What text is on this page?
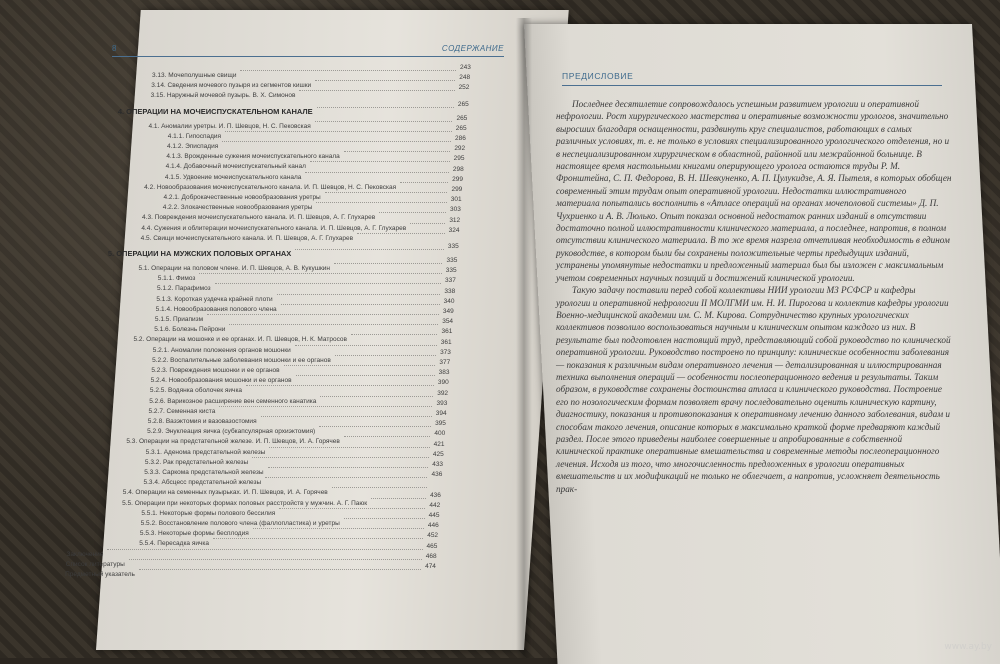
8	СОДЕРЖАНИЕ
3.13. Мочеполушные свищи
243
3.14. Сведения мочевого пузыря из сегментов кишки
248
3.15. Наружный мочевой пузырь. В. Х. Симонов
252
4. ОПЕРАЦИИ НА МОЧЕИСПУСКАТЕЛЬНОМ КАНАЛЕ
265
4.1. Аномалии уретры. И. П. Шевцов, Н. С. Пековская
265
4.1.1. Гипоспадия
265
4.1.2. Эписпадия
286
4.1.3. Врожденные сужения мочеиспускательного канала
292
4.1.4. Добавочный мочеиспускательный канал
295
4.1.5. Удвоение мочеиспускательного канала
298
4.2. Новообразования мочеиспускательного канала. И. П. Шевцов, Н. С. Пековская
299
4.2.1. Доброкачественные новообразования уретры
299
4.2.2. Злокачественные новообразования уретры
301
4.3. Повреждения мочеиспускательного канала. И. П. Шевцов, А. Г. Глухарев
303
4.4. Сужения и облитерации мочеиспускательного канала. И. П. Шевцов, А. Г. Глухарев
312
4.5. Свищи мочеиспускательного канала. И. П. Шевцов, А. Г. Глухарев
324
5. ОПЕРАЦИИ НА МУЖСКИХ ПОЛОВЫХ ОРГАНАХ
335
5.1. Операции на половом члене. И. П. Шевцов, А. В. Кукушкин
335
5.1.1. Фимоз
335
5.1.2. Парафимоз
337
5.1.3. Короткая уздечка крайней плоти
338
5.1.4. Новообразования полового члена
340
5.1.5. Приапизм
349
5.1.6. Болезнь Пейрони
354
5.2. Операции на мошонке и ее органах. И. П. Шевцов, Н. К. Матросов
361
5.2.1. Аномалии положения органов мошонки
361
5.2.2. Воспалительные заболевания мошонки и ее органов
373
5.2.3. Повреждения мошонки и ее органов
377
5.2.4. Новообразования мошонки и ее органов
383
5.2.5. Водянка оболочек яичка
390
5.2.6. Варикозное расширение вен семенного канатика
392
5.2.7. Семенная киста
393
5.2.8. Вазэктомия и вазовазостомия
394
5.2.9. Энуклеация яичка (субкапсулярная орхиэктомия)
395
5.3. Операции на предстательной железе. И. П. Шевцов, И. А. Горячев
400
5.3.1. Аденома предстательной железы
421
5.3.2. Рак предстательной железы
425
5.3.3. Саркома предстательной железы
433
5.3.4. Абсцесс предстательной железы
436
5.4. Операции на семенных пузырьках. И. П. Шевцов, И. А. Горячев
5.5. Операции при некоторых формах половых расстройств у мужчин. А. Г. Паюк
436
5.5.1. Некоторые формы полового бессилия
442
5.5.2. Восстановление полового члена (фаллопластика) и уретры
445
5.5.3. Некоторые формы бесплодия
446
5.5.4. Пересадка яичка
452
Заключение
465
Список литературы
468
Предметный указатель
474
ПРЕДИСЛОВИЕ

Последнее десятилетие сопровождалось успешным развитием урологии и оперативной нефрологии. Рост хирургического мастерства и оперативные возможности урологов, значительно выросших благодаря оснащенности, раздвинуть круг специалистов, работающих в самых различных условиях, т. е. не только в условиях специализированного урологического отделения, но и в неспециализированном хирургическом в областной, районной или межрайонной больнице. В настоящее время настольными книгами оперирующего уролога остаются труды Р. М. Фронштейна, С. П. Федорова, В. Н. Шевкуненко, А. П. Цулукидзе, А. Я. Пытеля, в которых обобщен современный этим трудам опыт оперативной урологии. Недостатки иллюстративного материала попытались восполнить в «Атласе операций на органах мочеполовой системы» Д. П. Чухриенко и А. В. Люлько. Опыт показал основной недостаток ранних изданий в отсутствии достаточно полной иллюстративности клинического материала, а последнее, напротив, в полном отсутствии клинического материала. В то же время назрела отчетливая необходимость в едином руководстве, в котором были бы сохранены положительные черты предыдущих изданий, устранены упомянутые недостатки и предложенный материал был бы изложен с максимальным учетом современных научных позиций и достижений клинической урологии.

Такую задачу поставили перед собой коллективы НИИ урологии МЗ РСФСР и кафедры урологии и оперативной нефрологии II МОЛГМИ им. Н. И. Пирогова и коллектив кафедры урологии Военно-медицинской академии им. С. М. Кирова. Сотрудничество крупных урологических коллективов позволило воспользоваться научным и клиническим опытом каждого из них. В результате был подготовлен настоящий труд, представляющий собой руководство по клинической оперативной урологии. Руководство построено по принципу: клинические особенности заболевания — показания к различным видам оперативного лечения — детализированная и иллюстрированная техника выполнения операций — особенности послеоперационного ведения и результаты. Таким образом, в руководстве сохранены достоинства атласа и клинического руководства. Построение его по нозологическим формам позволяет врачу последовательно оценить клиническую картину, диагностику, показания и противопоказания к оперативному лечению данного заболевания, видам и способам такого лечения, описание которых в максимально краткой форме предваряют каждый раздел. После этого приведены наиболее совершенные и апробированные в собственной клинической практике оперативные вмешательства и современные методы послеоперационного лечения. Исходя из того, что многочисленность предложенных в урологии оперативных вмешательств и их модификаций не только не облегчает, а напротив, усложняет деятельность прак-

www.ay.by
